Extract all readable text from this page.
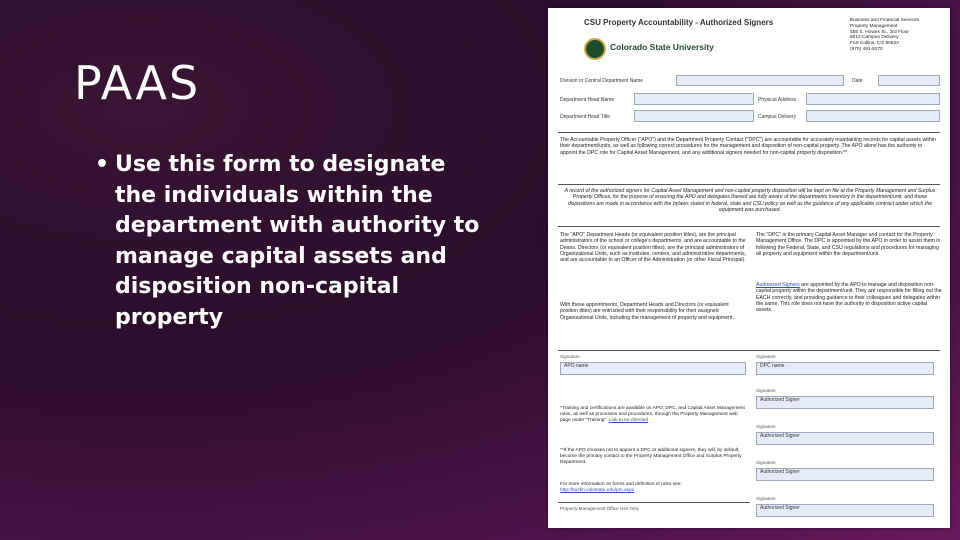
PAAS
• Use this form to designate the individuals within the department with authority to manage capital assets and disposition non-capital property
CSU Property Accountability - Authorized Signers	Business and Financial Services
Property Management
555 S. Howes St., 3rd Floor
6013 Campus Delivery
Fort Collins, CO 80523
(970) 491-5270
Colorado State University
Division or Central Department Name	Date
Department Head Name	Physical Address
Department Head Title	Campus Delivery
The Accountable Property Officer ("APO") and the Department Property Contact ("DPC") are accountable for accurately maintaining records for capital assets within their department/units, as well as following correct procedures for the management and disposition of non-capital property. The APO alone has the authority to appoint the DPC role for Capital Asset Management, and any additional signers needed for non-capital property disposition.**
A record of the authorized signers for Capital Asset Management and non-capital property disposition will be kept on file at the Property Management and Surplus Property Offices, for the purpose of ensuring the APO and delegates thereof are fully aware of the departments inventory in the department/unit, and those dispositions are made in accordance with the bylaws stated in federal, state and CSU policy as well as the guidance of any applicable contract under which the equipment was purchased.
The "APO" Department Heads (or equivalent position titles), are the principal administrators of the school or college's departments, and are accountable to the Deans. Directors (or equivalent position titles), are the principal administrators of Organizational Units, such as institutes, centers, and administrative departments, and are accountable to an Officer of the Administration (or other Fiscal Principal).
With these appointments, Department Heads and Directors (or equivalent position titles) are entrusted with their responsibility for their assigned Organizational Units, including the management of property and equipment.
The "DPC" is the primary Capital Asset Manager and contact for the Property Management Office. The DPC is appointed by the APO in order to assist them in following the Federal, State, and CSU regulations and procedures for managing all property and equipment within the department/unit.
Authorized Signers are appointed by the APO to manage and disposition non-capital property within the department/unit. They are responsible for filling out the EACH correctly, and providing guidance to their colleagues and delegates within the same. This role does not have the authority to disposition active capital assets.
Signature
APO name
Signature
DPC name
Signature
Authorized Signer
Signature
Authorized Signer
Signature
Authorized Signer
Signature
Authorized Signer
*Training and certifications are available on APO, DPC, and Capital Asset Management roles, as well as processes and procedures, through the Property Management web page under "Training". Link to be directed
**If the APO chooses not to appoint a DPC or additional signers, they will, by default, become the primary contact to the Property Management Office and Surplus Property Department.
For more information on forms and definition of roles see:
http://busfin.colostate.edu/pm.aspx
Property Management Office Use Only
